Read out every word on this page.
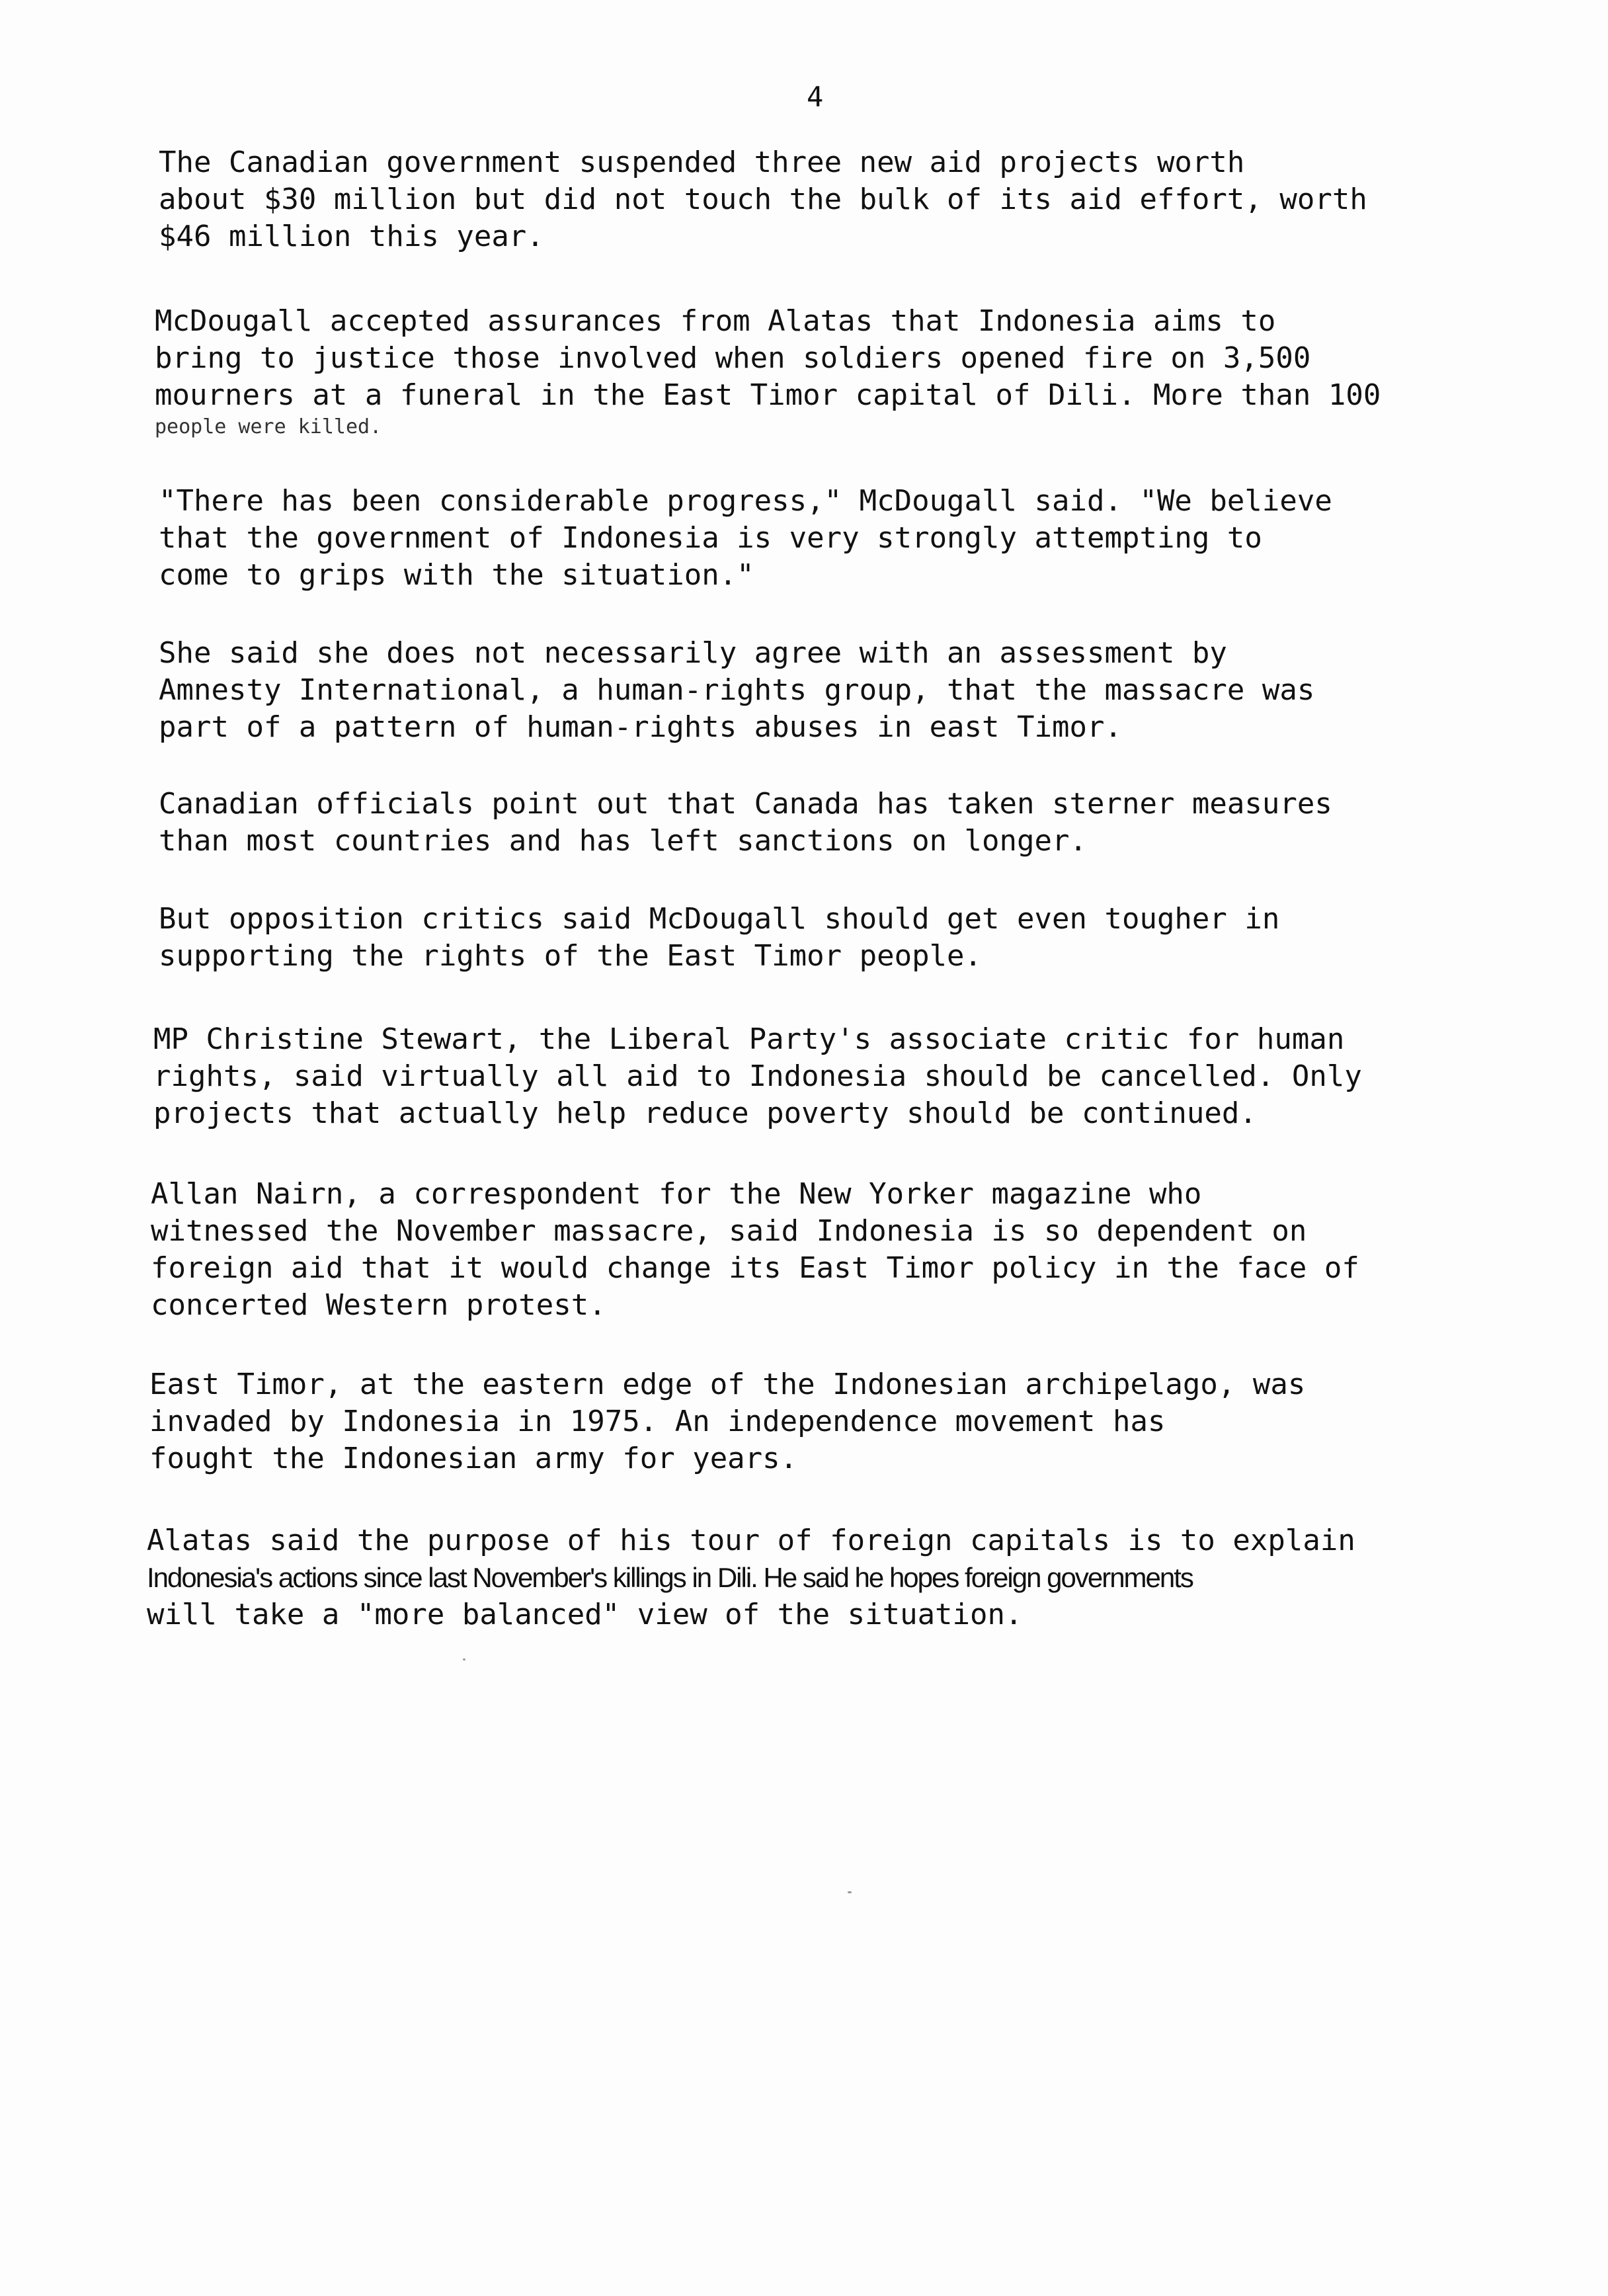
4
The Canadian government suspended three new aid projects worth
about $30 million but did not touch the bulk of its aid effort, worth
$46 million this year.
McDougall accepted assurances from Alatas that Indonesia aims to
bring to justice those involved when soldiers opened fire on 3,500
mourners at a funeral in the East Timor capital of Dili. More than 100
people were killed.
"There has been considerable progress," McDougall said. "We believe
that the government of Indonesia is very strongly attempting to
come to grips with the situation."
She said she does not necessarily agree with an assessment by
Amnesty International, a human-rights group, that the massacre was
part of a pattern of human-rights abuses in east Timor.
Canadian officials point out that Canada has taken sterner measures
than most countries and has left sanctions on longer.
But opposition critics said McDougall should get even tougher in
supporting the rights of the East Timor people.
MP Christine Stewart, the Liberal Party's associate critic for human
rights, said virtually all aid to Indonesia should be cancelled. Only
projects that actually help reduce poverty should be continued.
Allan Nairn, a correspondent for the New Yorker magazine who
witnessed the November massacre, said Indonesia is so dependent on
foreign aid that it would change its East Timor policy in the face of
concerted Western protest.
East Timor, at the eastern edge of the Indonesian archipelago, was
invaded by Indonesia in 1975. An independence movement has
fought the Indonesian army for years.
Alatas said the purpose of his tour of foreign capitals is to explain
Indonesia's actions since last November's killings in Dili. He said he hopes foreign governments
will take a "more balanced" view of the situation.
